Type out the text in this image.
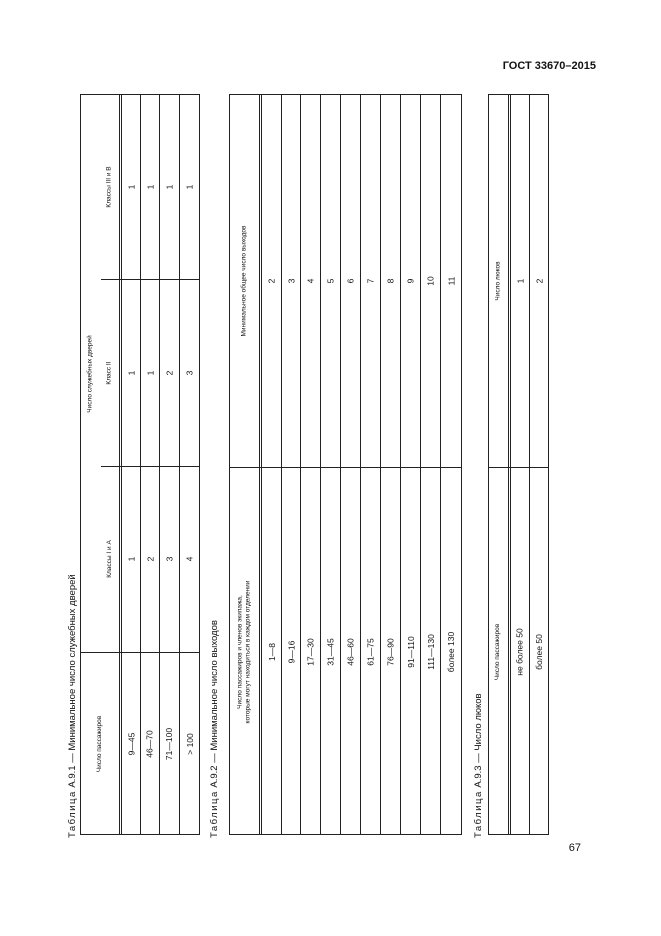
ГОСТ 33670–2015
Таблица А.9.1 — Минимальное число служебных дверей	Число пассажиров
Число служебных дверей
Классы I и А
Класс II
Классы III и В
9—45
1
1
1
46—70
2
1
1
71—100
3
2
1
> 100
4
3
1
Таблица А.9.2 — Минимальное число выходов	Число пассажиров и членов экипажа,
которые могут находиться в каждом отделении
Минимальное общее число выходов
1—8
2
9—16
3
17—30
4
31—45
5
46—60
6
61—75
7
76—90
8
91—110
9
111—130
10
более 130
11
Таблица А.9.3 — Число люков
Число пассажиров
Число люков
не более 50
1
более 50
2
67
